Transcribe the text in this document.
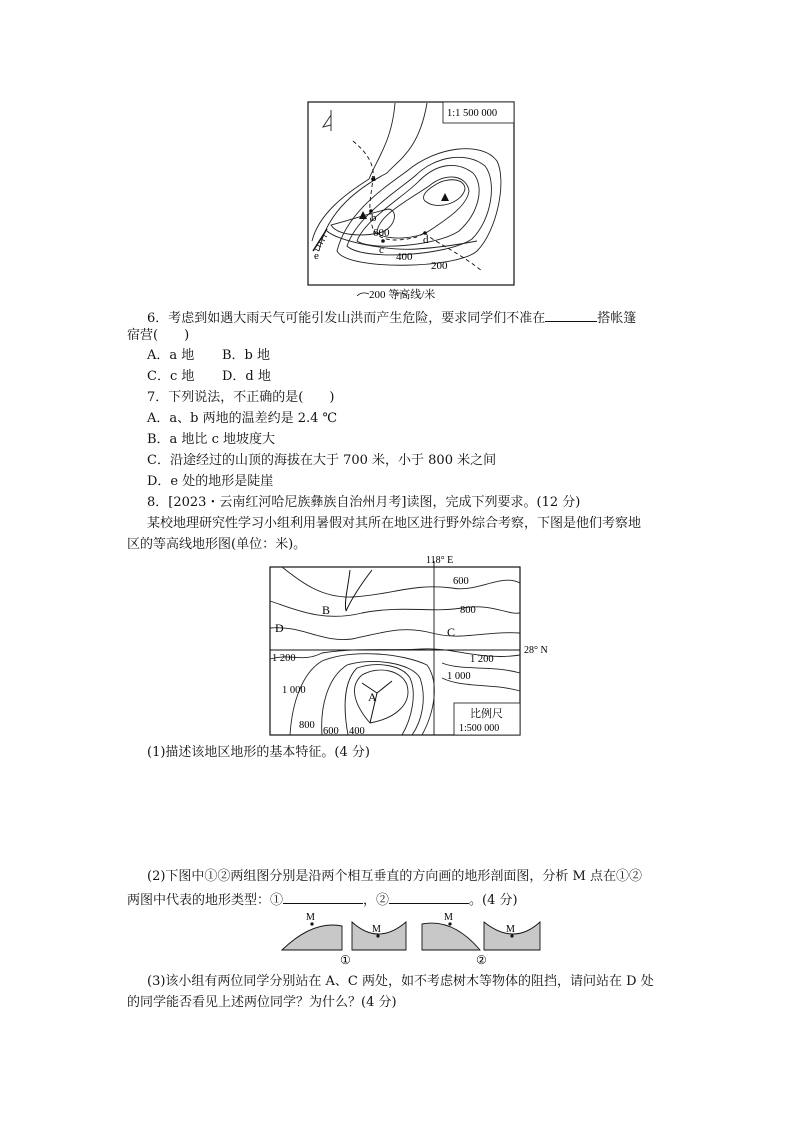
1:1 500 000
a
b
c
d
e
600
400
200
200 等高线/米
6．考虑到如遇大雨天气可能引发山洪而产生危险，要求同学们不准在	搭帐篷
宿营(　　)
A．a 地 B．b 地
C．c 地 D．d 地
7．下列说法，不正确的是(　　)
A．a、b 两地的温差约是 2.4 ℃
B．a 地比 c 地坡度大
C．沿途经过的山顶的海拔在大于 700 米，小于 800 米之间
D．e 处的地形是陡崖
8．[2023・云南红河哈尼族彝族自治州月考]读图，完成下列要求。(12 分)
某校地理研究性学习小组利用暑假对其所在地区进行野外综合考察，下图是他们考察地
区的等高线地形图(单位：米)。
118° E
28° N
比例尺
1:500 000
A
B
C
D
600
800
1 200	1 200
1 000
1 000
800
600 400
(1)描述该地区地形的基本特征。(4 分)
(2)下图中①②两组图分别是沿两个相互垂直的方向画的地形剖面图，分析 M 点在①②
两图中代表的地形类型：①	，②	。(4 分)
M
M
M
M
①	②
(3)该小组有两位同学分别站在 A、C 两处，如不考虑树木等物体的阻挡，请问站在 D 处
的同学能否看见上述两位同学？为什么？(4 分)
